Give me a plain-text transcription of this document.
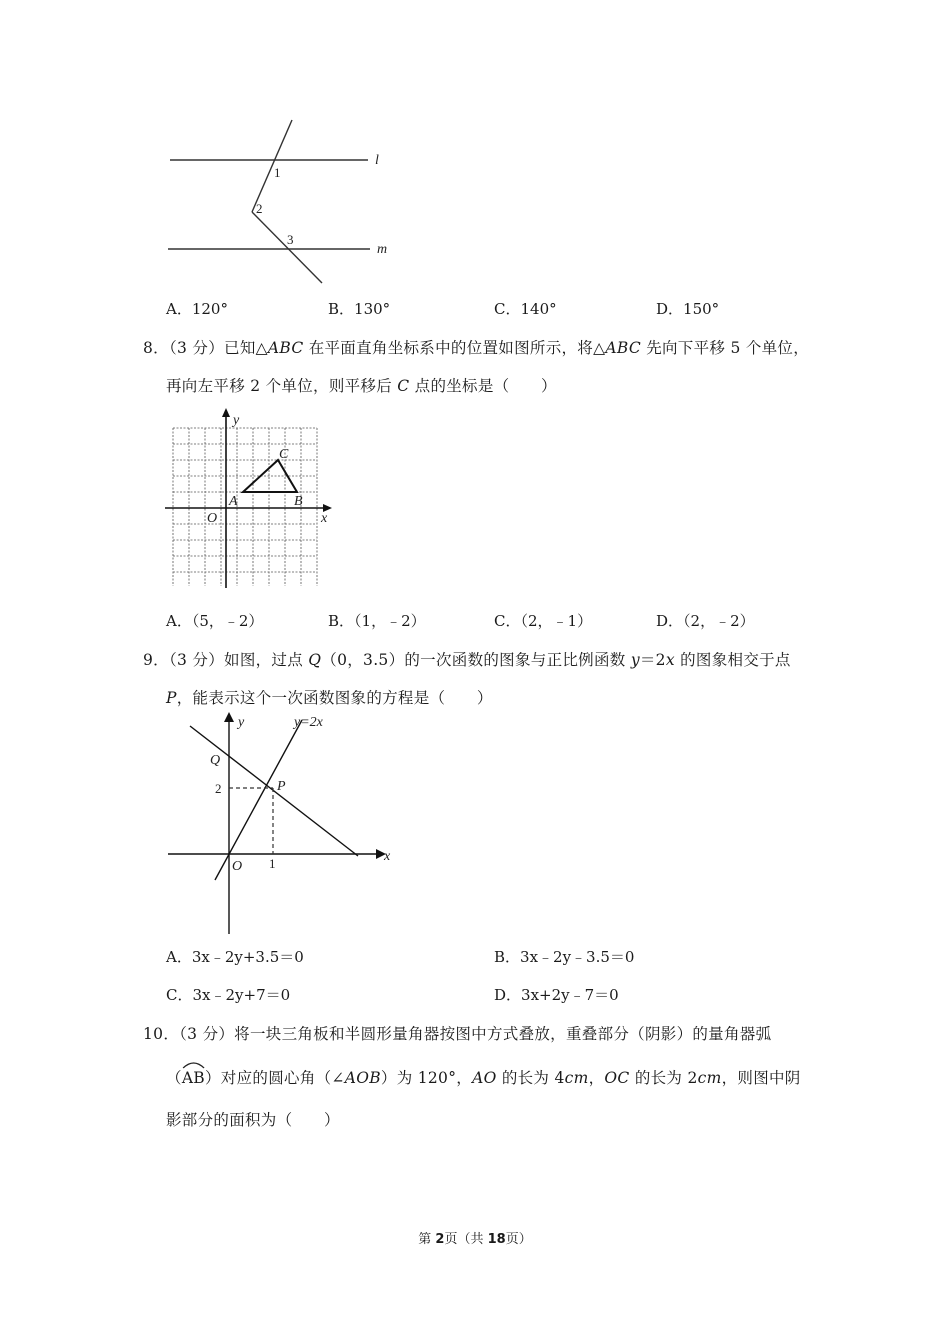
1
2
3
l
m
A．120°	B．130°	C．140°	D．150°
8．（3 分）已知△ABC 在平面直角坐标系中的位置如图所示，将△ABC 先向下平移 5 个单位，
再向左平移 2 个单位，则平移后 C 点的坐标是（　　）
y
x
O
A	B
C
A．（5，﹣2）	B．（1，﹣2）	C．（2，﹣1）	D．（2，﹣2）
9．（3 分）如图，过点 Q（0，3.5）的一次函数的图象与正比例函数 y＝2x 的图象相交于点
P，能表示这个一次函数图象的方程是（　　）
y
x
O
Q
P
2
1
y=2x
A．3x﹣2y+3.5＝0	B．3x﹣2y﹣3.5＝0
C．3x﹣2y+7＝0	D．3x+2y﹣7＝0
10．（3 分）将一块三角板和半圆形量角器按图中方式叠放，重叠部分（阴影）的量角器弧
（
AB）对应的圆心角（∠AOB）为 120°，AO 的长为 4cm，OC 的长为 2cm，则图中阴
影部分的面积为（　　）
第 2页（共 18页）
